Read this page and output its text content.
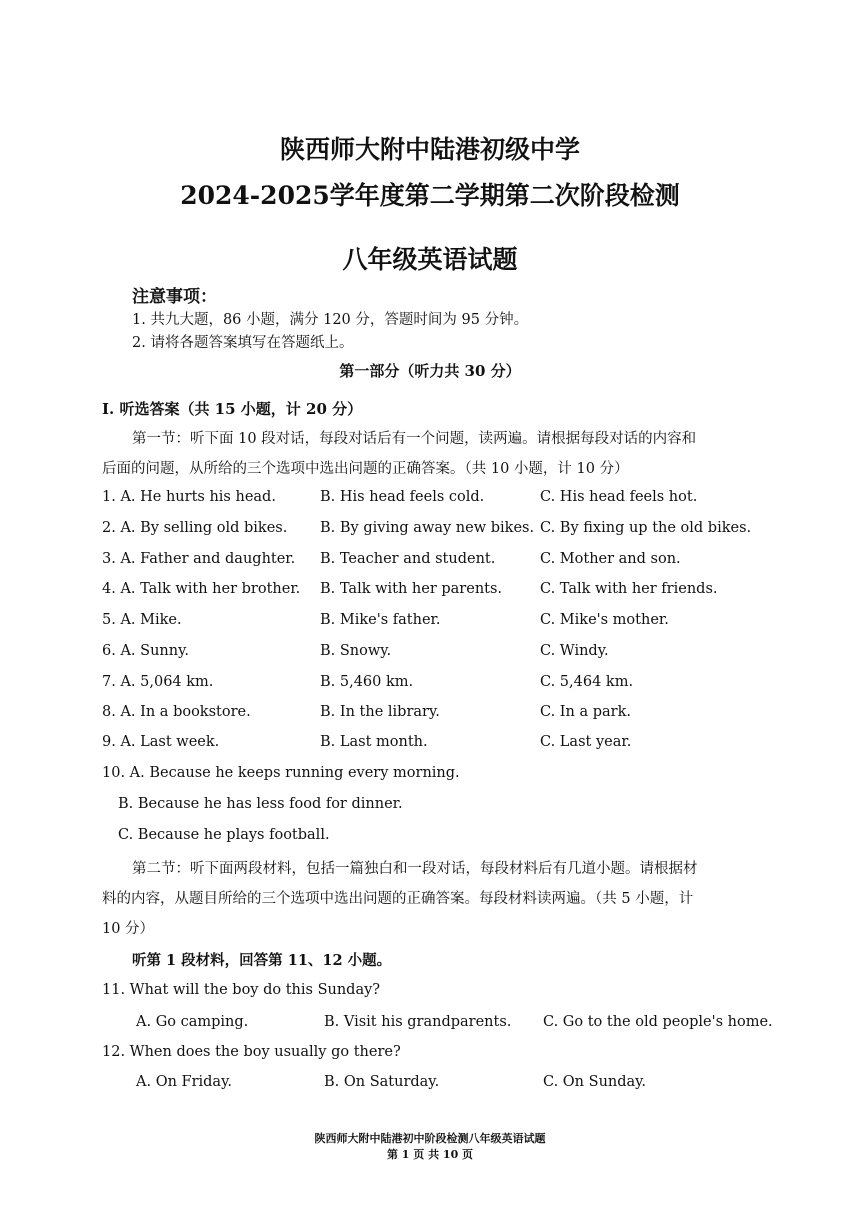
陕西师大附中陆港初级中学
2024-2025学年度第二学期第二次阶段检测
八年级英语试题
注意事项：
1. 共九大题，86 小题，满分 120 分，答题时间为 95 分钟。
2. 请将各题答案填写在答题纸上。
第一部分（听力共 30 分）
I. 听选答案（共 15 小题，计 20 分）
第一节：听下面 10 段对话，每段对话后有一个问题，读两遍。请根据每段对话的内容和
后面的问题，从所给的三个选项中选出问题的正确答案。（共 10 小题，计 10 分）
1. A. He hurts his head.	B. His head feels cold.	C. His head feels hot.
2. A. By selling old bikes. B. By giving away new bikes. C. By fixing up the old bikes.
3. A. Father and daughter. B. Teacher and student.	C. Mother and son.
4. A. Talk with her brother. B. Talk with her parents.	C. Talk with her friends.
5. A. Mike.	B. Mike's father.	C. Mike's mother.
6. A. Sunny.	B. Snowy.	C. Windy.
7. A. 5,064 km.	B. 5,460 km.	C. 5,464 km.
8. A. In a bookstore.	B. In the library.	C. In a park.
9. A. Last week.	B. Last month.	C. Last year.
10. A. Because he keeps running every morning.
B. Because he has less food for dinner.
C. Because he plays football.
第二节：听下面两段材料，包括一篇独白和一段对话，每段材料后有几道小题。请根据材
料的内容，从题目所给的三个选项中选出问题的正确答案。每段材料读两遍。（共 5 小题，计
10 分）
听第 1 段材料，回答第 11、12 小题。
11. What will the boy do this Sunday?
A. Go camping.	B. Visit his grandparents. C. Go to the old people's home.
12. When does the boy usually go there?
A. On Friday.	B. On Saturday.	C. On Sunday.
陕西师大附中陆港初中阶段检测八年级英语试题
第 1 页 共 10 页
